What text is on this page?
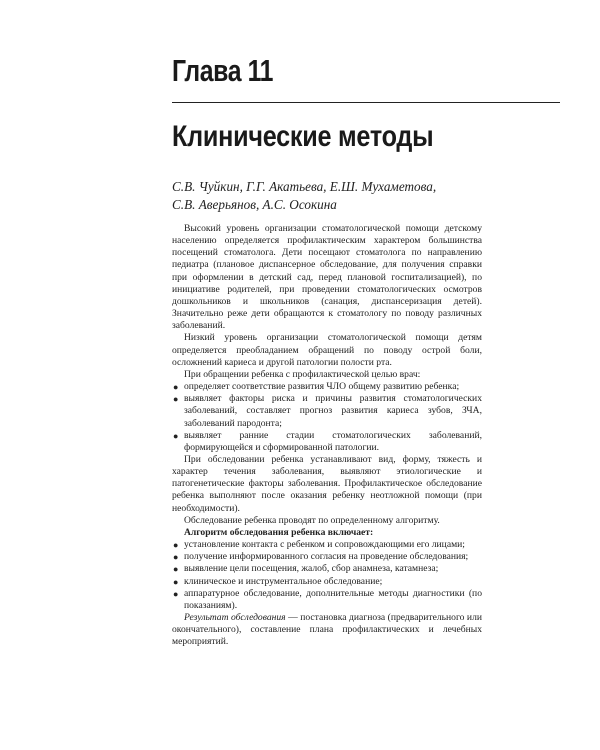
Глава 11
Клинические методы
С.В. Чуйкин, Г.Г. Акатьева, Е.Ш. Мухаметова,
С.В. Аверьянов, А.С. Осокина

Высокий уровень организации стоматологической помощи детскому населению определяется профилактическим характером большинства посещений стоматолога. Дети посещают стоматолога по направлению педиатра (плановое диспансерное обследование, для получения справки при оформлении в детский сад, перед плановой госпитализацией), по инициативе родителей, при проведении стоматологических осмотров дошкольников и школьников (санация, диспансеризация детей). Значительно реже дети обращаются к стоматологу по поводу различных заболеваний.

Низкий уровень организации стоматологической помощи детям определяется преобладанием обращений по поводу острой боли, осложнений кариеса и другой патологии полости рта.

При обращении ребенка с профилактической целью врач:

● определяет соответствие развития ЧЛО общему развитию ребенка;
● выявляет факторы риска и причины развития стоматологических заболеваний, составляет прогноз развития кариеса зубов, ЗЧА, заболеваний пародонта;
● выявляет ранние стадии стоматологических заболеваний, формирующейся и сформированной патологии.

При обследовании ребенка устанавливают вид, форму, тяжесть и характер течения заболевания, выявляют этиологические и патогенетические факторы заболевания. Профилактическое обследование ребенка выполняют после оказания ребенку неотложной помощи (при необходимости).

Обследование ребенка проводят по определенному алгоритму.

Алгоритм обследования ребенка включает:

● установление контакта с ребенком и сопровождающими его лицами;
● получение информированного согласия на проведение обследования;
● выявление цели посещения, жалоб, сбор анамнеза, катамнеза;
● клиническое и инструментальное обследование;
● аппаратурное обследование, дополнительные методы диагностики (по показаниям).

Результат обследования — постановка диагноза (предварительного или окончательного), составление плана профилактических и лечебных мероприятий.
